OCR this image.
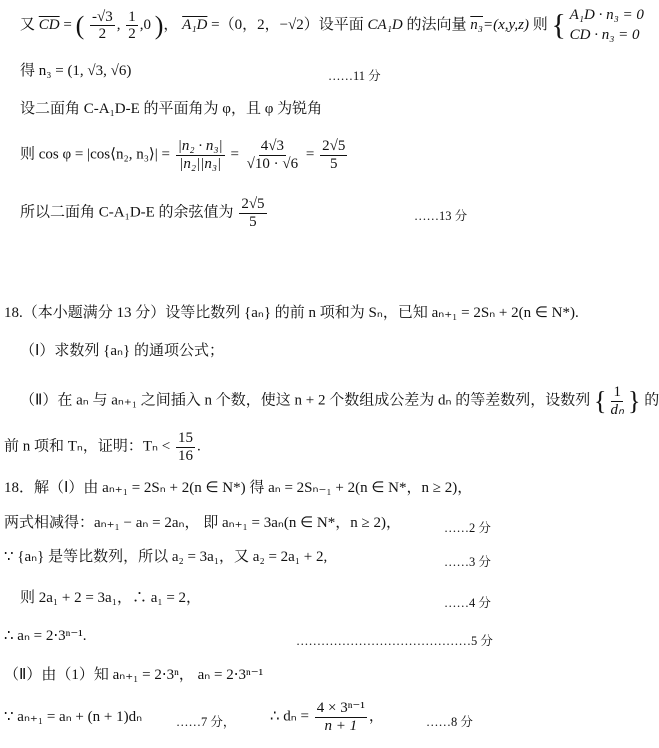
又 $\overline{CD}$ = ( $\frac{-√3}{2}$ , $\frac{1}{2} ,0$ )， A₁D =（0，2，−√2）设平面 CA₁D 的法向量 n₃=(x,y,z) 则 { A₁D · n₃ = 0
CD · n₃ = 0
得 n₃ = (1, √3, √6)	……11 分
设二面角 C-A₁D-E 的平面角为 φ，且 φ 为锐角
则 cos φ = |cos⟨n₂, n₃⟩| = $\frac{\text{|n₂ · n₃|}}{\text{|n₂||n₃|}} = \frac{4√3}{√10 \cdot √6} = \frac{2√5}{5}$
所以二面角 C-A₁D-E 的余弦值为 $\frac{2√5}{5}$	……13 分
18.（本小题满分 13 分）设等比数列 {aₙ} 的前 n 项和为 Sₙ，已知 aₙ₊₁ = 2Sₙ + 2(n ∈ N*).
（Ⅰ）求数列 {aₙ} 的通项公式；
（Ⅱ）在 aₙ 与 aₙ₊₁ 之间插入 n 个数，使这 n + 2 个数组成公差为 dₙ 的等差数列，设数列 { $\frac{1}{\text{dₙ}}$ } 的
前 n 项和 Tₙ，证明：$T_n < \frac{15}{16}$ .
18．解（Ⅰ）由 aₙ₊₁ = 2Sₙ + 2(n ∈ N*) 得 aₙ = 2Sₙ₋₁ + 2(n ∈ N*，n ≥ 2)，
两式相减得：aₙ₊₁ − aₙ = 2aₙ， 即 aₙ₊₁ = 3aₙ(n ∈ N*，n ≥ 2)，	……2 分
∵ {aₙ} 是等比数列，所以 a₂ = 3a₁，又 a₂ = 2a₁ + 2,	……3 分
则 2a₁ + 2 = 3a₁，∴ a₁ = 2，	……4 分
∴ aₙ = 2⋅3ⁿ⁻¹.	……………………………………5 分
（Ⅱ）由（1）知 aₙ₊₁ = 2⋅3ⁿ， aₙ = 2⋅3ⁿ⁻¹
∵ aₙ₊₁ = aₙ + (n + 1)dₙ	……7 分， ∴ $d_n = \frac{\text{4 × 3ⁿ⁻¹}}{n + 1}$ ，	……8 分
